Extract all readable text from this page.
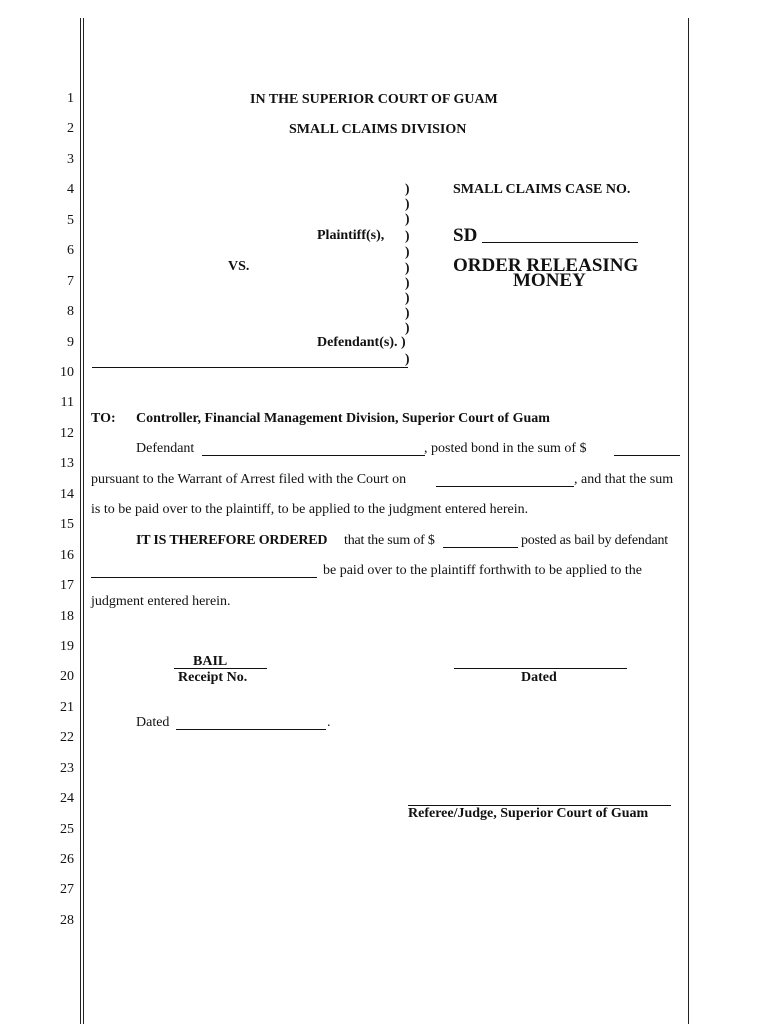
1
2
3
4
5
6
7
8
9
10
11
12
13
14
15
16
17
18
19
20
21
22
23
24
25
26
27
28
IN THE SUPERIOR COURT OF GUAM
SMALL CLAIMS DIVISION
)
)
)
)
)
)
)
)
)
)
)
Plaintiff(s),
VS.
Defendant(s). )
SMALL CLAIMS CASE NO.
SD
ORDER RELEASING
MONEY
TO: Controller, Financial Management Division, Superior Court of Guam
Defendant	, posted bond in the sum of $
pursuant to the Warrant of Arrest filed with the Court on	, and that the sum
is to be paid over to the plaintiff, to be applied to the judgment entered herein.
IT IS THEREFORE ORDERED that the sum of $	posted as bail by defendant
be paid over to the plaintiff forthwith to be applied to the
judgment entered herein.
BAIL
Receipt No.	Dated
Dated	.
Referee/Judge, Superior Court of Guam
